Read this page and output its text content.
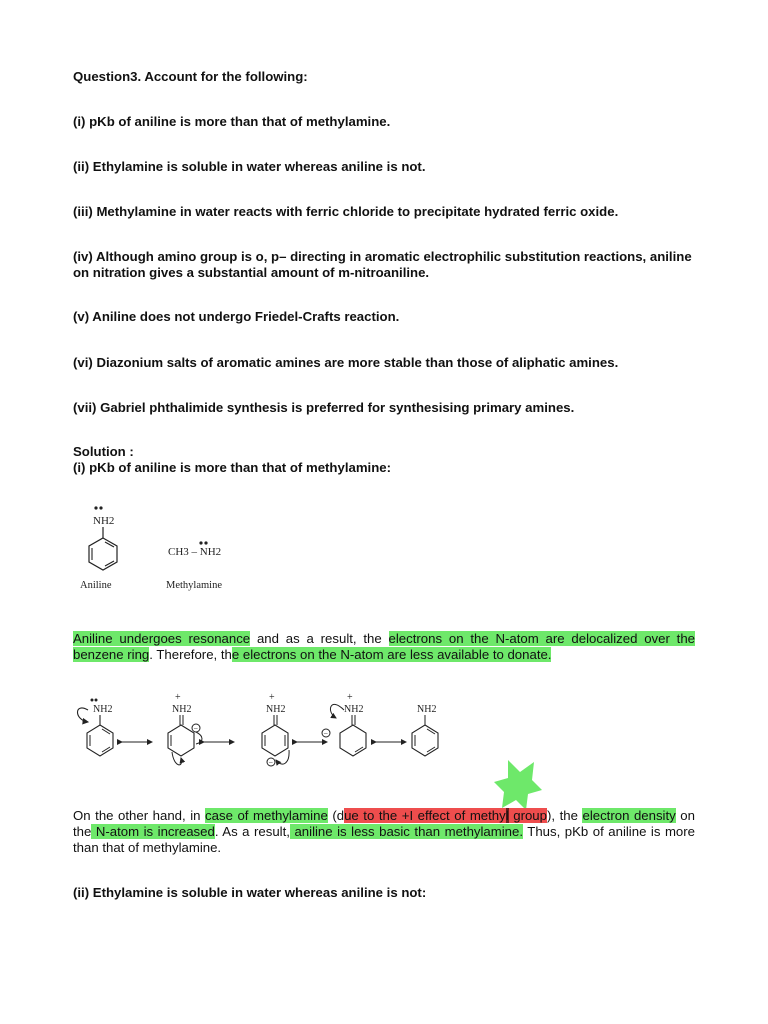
Question3. Account for the following:
(i) pKb of aniline is more than that of methylamine.
(ii) Ethylamine is soluble in water whereas aniline is not.
(iii) Methylamine in water reacts with ferric chloride to precipitate hydrated ferric oxide.
(iv) Although amino group is o, p– directing in aromatic electrophilic substitution reactions, aniline on nitration gives a substantial amount of m-nitroaniline.
(v) Aniline does not undergo Friedel-Crafts reaction.
(vi) Diazonium salts of aromatic amines are more stable than those of aliphatic amines.
(vii) Gabriel phthalimide synthesis is preferred for synthesising primary amines.
Solution :
(i) pKb of aniline is more than that of methylamine:
NH2
Aniline
CH3 – NH2
Methylamine
Aniline undergoes resonance and as a result, the electrons on the N-atom are delocalized over the benzene ring. Therefore, the electrons on the N-atom are less available to donate.
NH2
+
NH2
−
+
NH2
−
+
NH2
−
NH2
On the other hand, in case of methylamine (due to the +I effect of methyl group), the electron density on the N-atom is increased. As a result, aniline is less basic than methylamine. Thus, pKb of aniline is more than that of methylamine.
(ii) Ethylamine is soluble in water whereas aniline is not:
